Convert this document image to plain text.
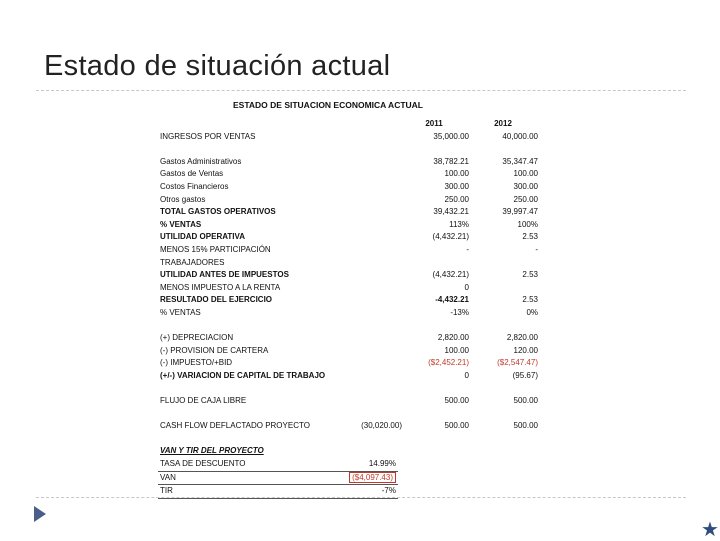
Estado de situación actual
ESTADO DE SITUACION ECONOMICA ACTUAL
2011	2012
INGRESOS POR VENTAS	35,000.00	40,000.00
Gastos Administrativos	38,782.21	35,347.47
Gastos de Ventas	100.00	100.00
Costos Financieros	300.00	300.00
Otros gastos	250.00	250.00
TOTAL GASTOS OPERATIVOS	39,432.21	39,997.47
% VENTAS	113%	100%
UTILIDAD OPERATIVA	(4,432.21)	2.53
MENOS 15% PARTICIPACIÓN	-	-
TRABAJADORES
UTILIDAD ANTES DE IMPUESTOS	(4,432.21)	2.53
MENOS IMPUESTO A LA RENTA	0
RESULTADO DEL EJERCICIO	-4,432.21	2.53
% VENTAS	-13%	0%
(+) DEPRECIACION	2,820.00	2,820.00
(-) PROVISION DE CARTERA	100.00	120.00
(-) IMPUESTO/+BID	($2,452.21)	($2,547.47)
(+/-) VARIACION DE CAPITAL DE TRABAJO	0	(95.67)
FLUJO DE CAJA LIBRE	500.00	500.00
CASH FLOW DEFLACTADO PROYECTO	(30,020.00)	500.00	500.00
VAN Y TIR DEL PROYECTO
TASA DE DESCUENTO	14.99%
VAN	($4,097.43)
TIR	-7%
★
